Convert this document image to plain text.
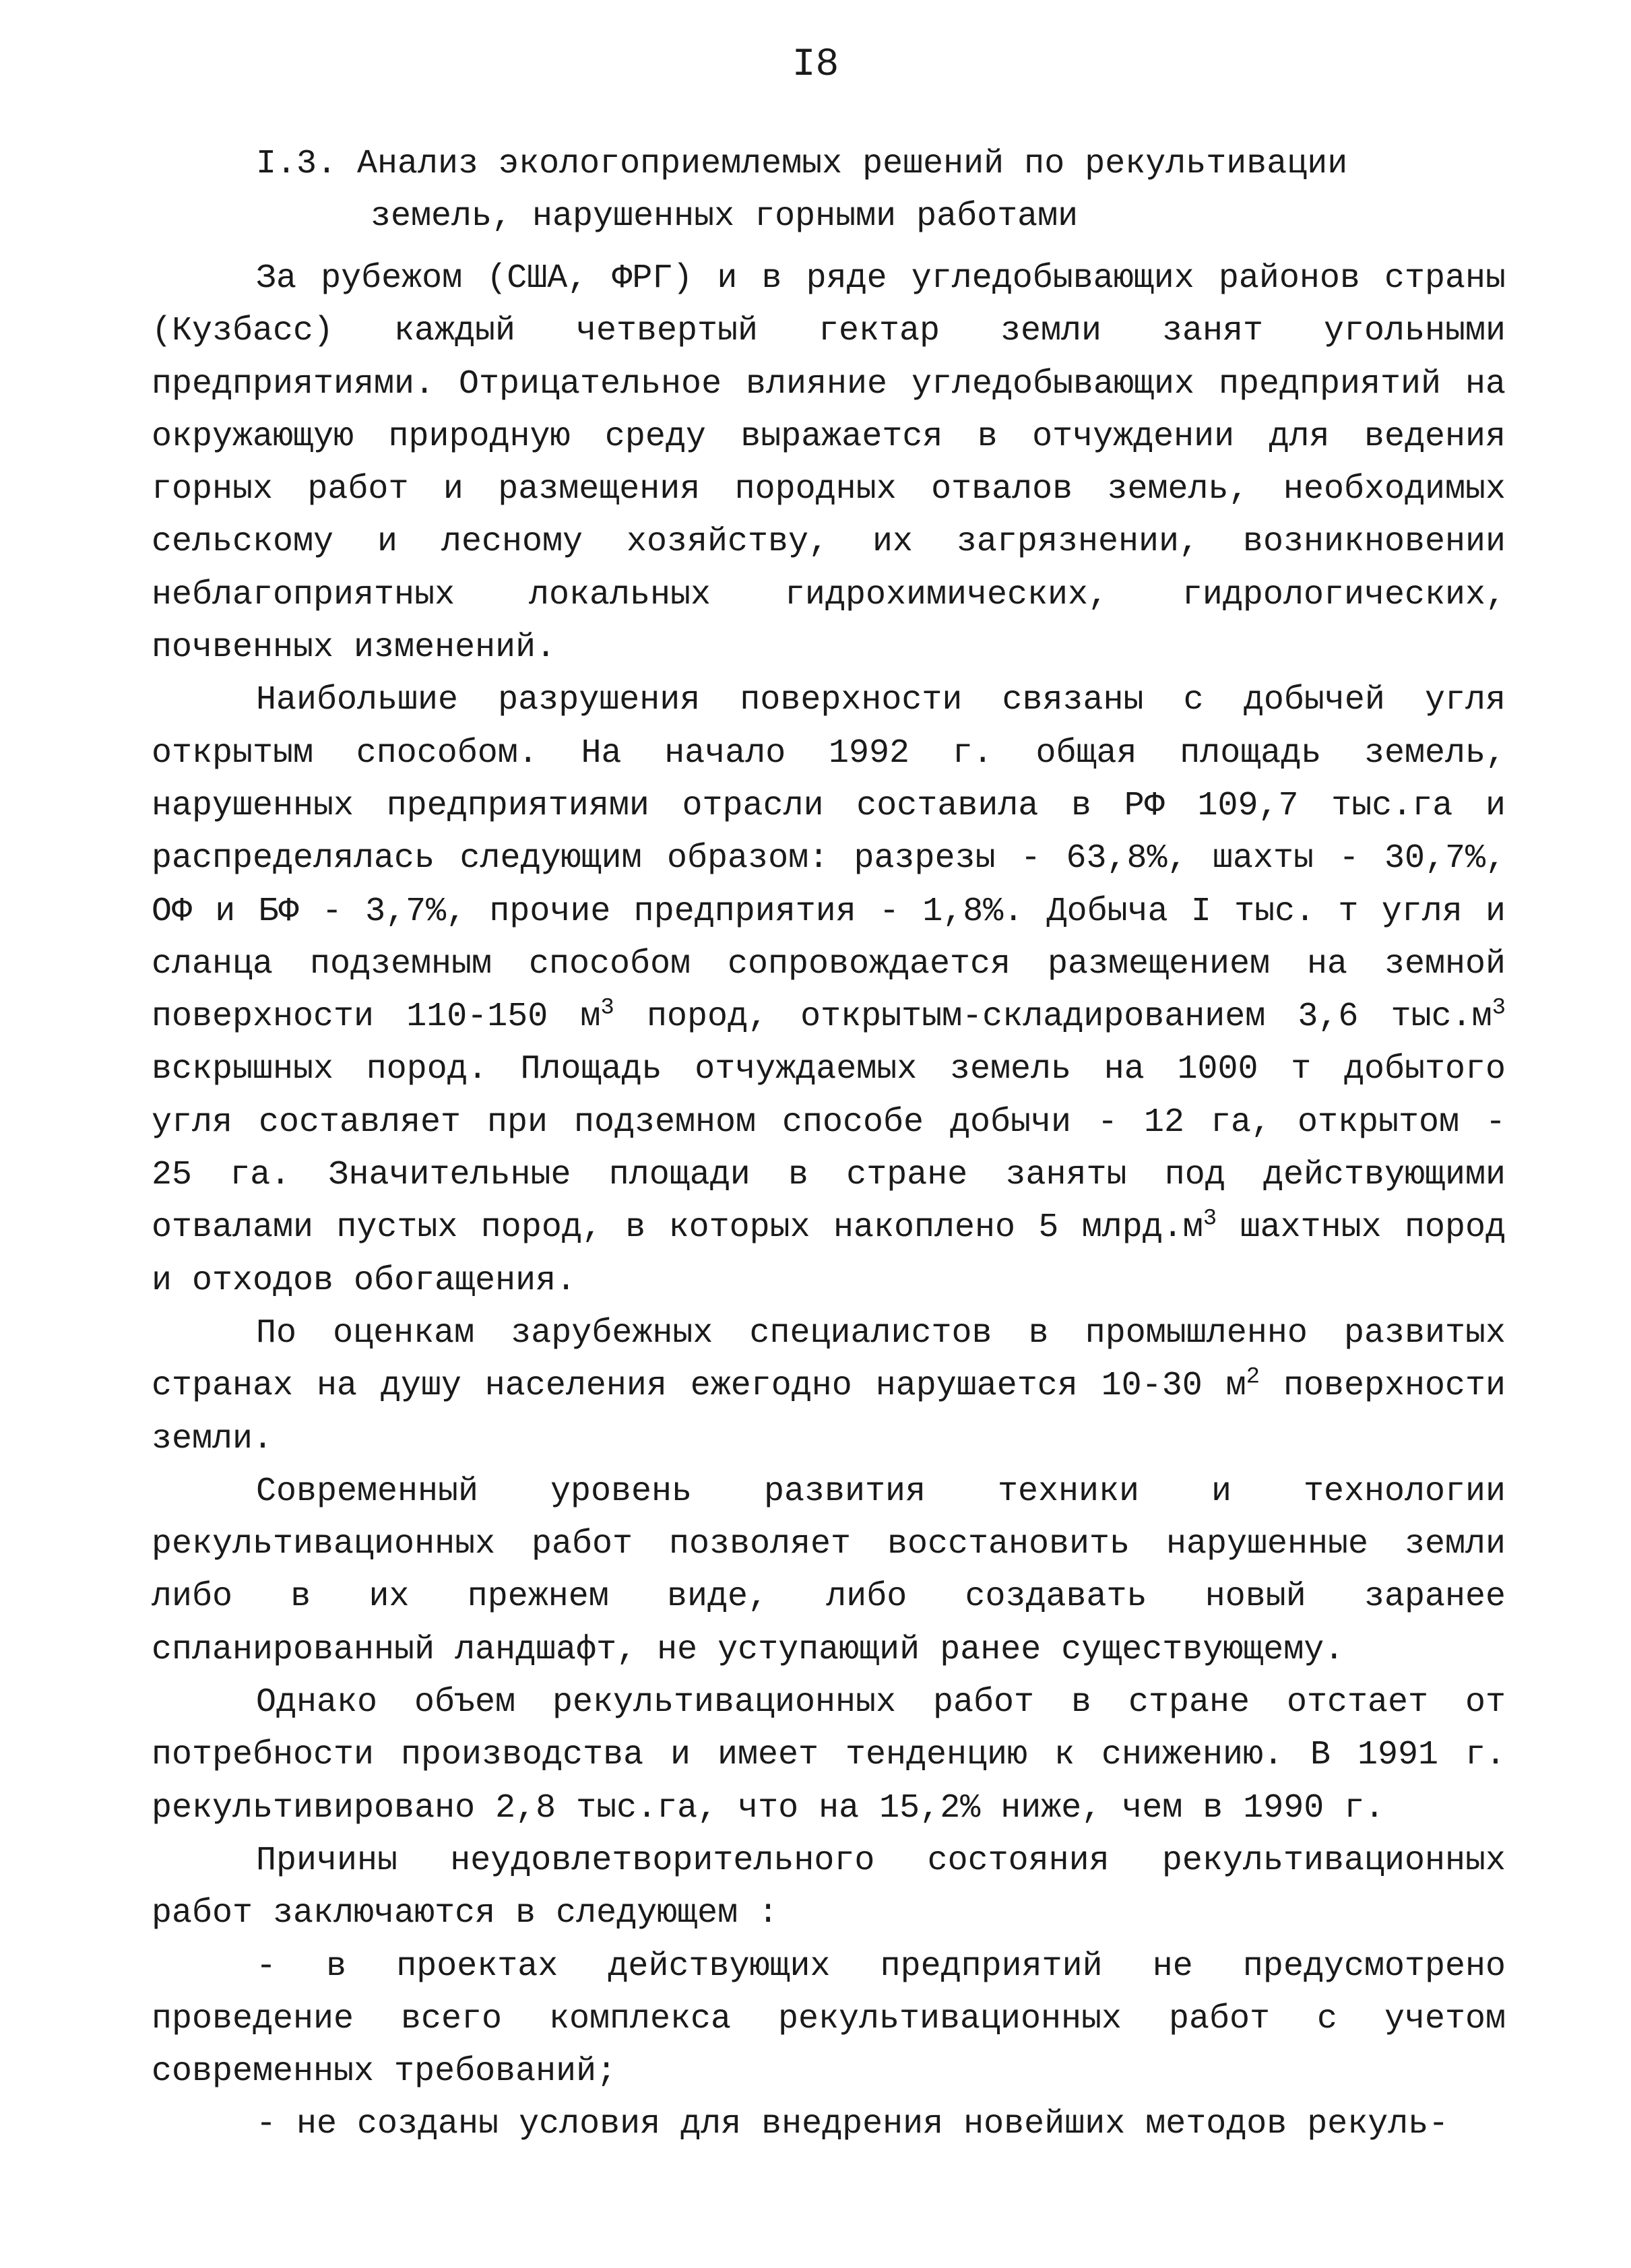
I8
I.3. Анализ экологоприемлемых решений по рекультивации
земель, нарушенных горными работами

За рубежом (США, ФРГ) и в ряде угледобывающих районов страны (Кузбасс) каждый четвертый гектар земли занят угольными предприятиями. Отрицательное влияние угледобывающих предприятий на окружающую природную среду выражается в отчуждении для ведения горных работ и размещения породных отвалов земель, необходимых сельскому и лесному хозяйству, их загрязнении, возникновении неблагоприятных локальных гидрохимических, гидрологических, почвенных изменений.

Наибольшие разрушения поверхности связаны с добычей угля открытым способом. На начало 1992 г. общая площадь земель, нарушенных предприятиями отрасли составила в РФ 109,7 тыс.га и распределялась следующим образом: разрезы - 63,8%, шахты - 30,7%, ОФ и БФ - 3,7%, прочие предприятия - 1,8%. Добыча I тыс. т угля и сланца подземным способом сопровождается размещением на земной поверхности 110-150 $м^3$ пород, открытым-складированием 3,6 $тыс.м^3$ вскрышных пород. Площадь отчуждаемых земель на 1000 т добытого угля составляет при подземном способе добычи - 12 га, открытом - 25 га. Значительные площади в стране заняты под действующими отвалами пустых пород, в которых накоплено 5 $млрд.м^3$ шахтных пород и отходов обогащения.

По оценкам зарубежных специалистов в промышленно развитых странах на душу населения ежегодно нарушается 10-30 $м^2$ поверхности земли.

Современный уровень развития техники и технологии рекультивационных работ позволяет восстановить нарушенные земли либо в их прежнем виде, либо создавать новый заранее спланированный ландшафт, не уступающий ранее существующему.

Однако объем рекультивационных работ в стране отстает от потребности производства и имеет тенденцию к снижению. В 1991 г. рекультивировано 2,8 тыс.га, что на 15,2% ниже, чем в 1990 г.

Причины неудовлетворительного состояния рекультивационных работ заключаются в следующем :

- в проектах действующих предприятий не предусмотрено проведение всего комплекса рекультивационных работ с учетом современных требований;

- не созданы условия для внедрения новейших методов рекуль-
